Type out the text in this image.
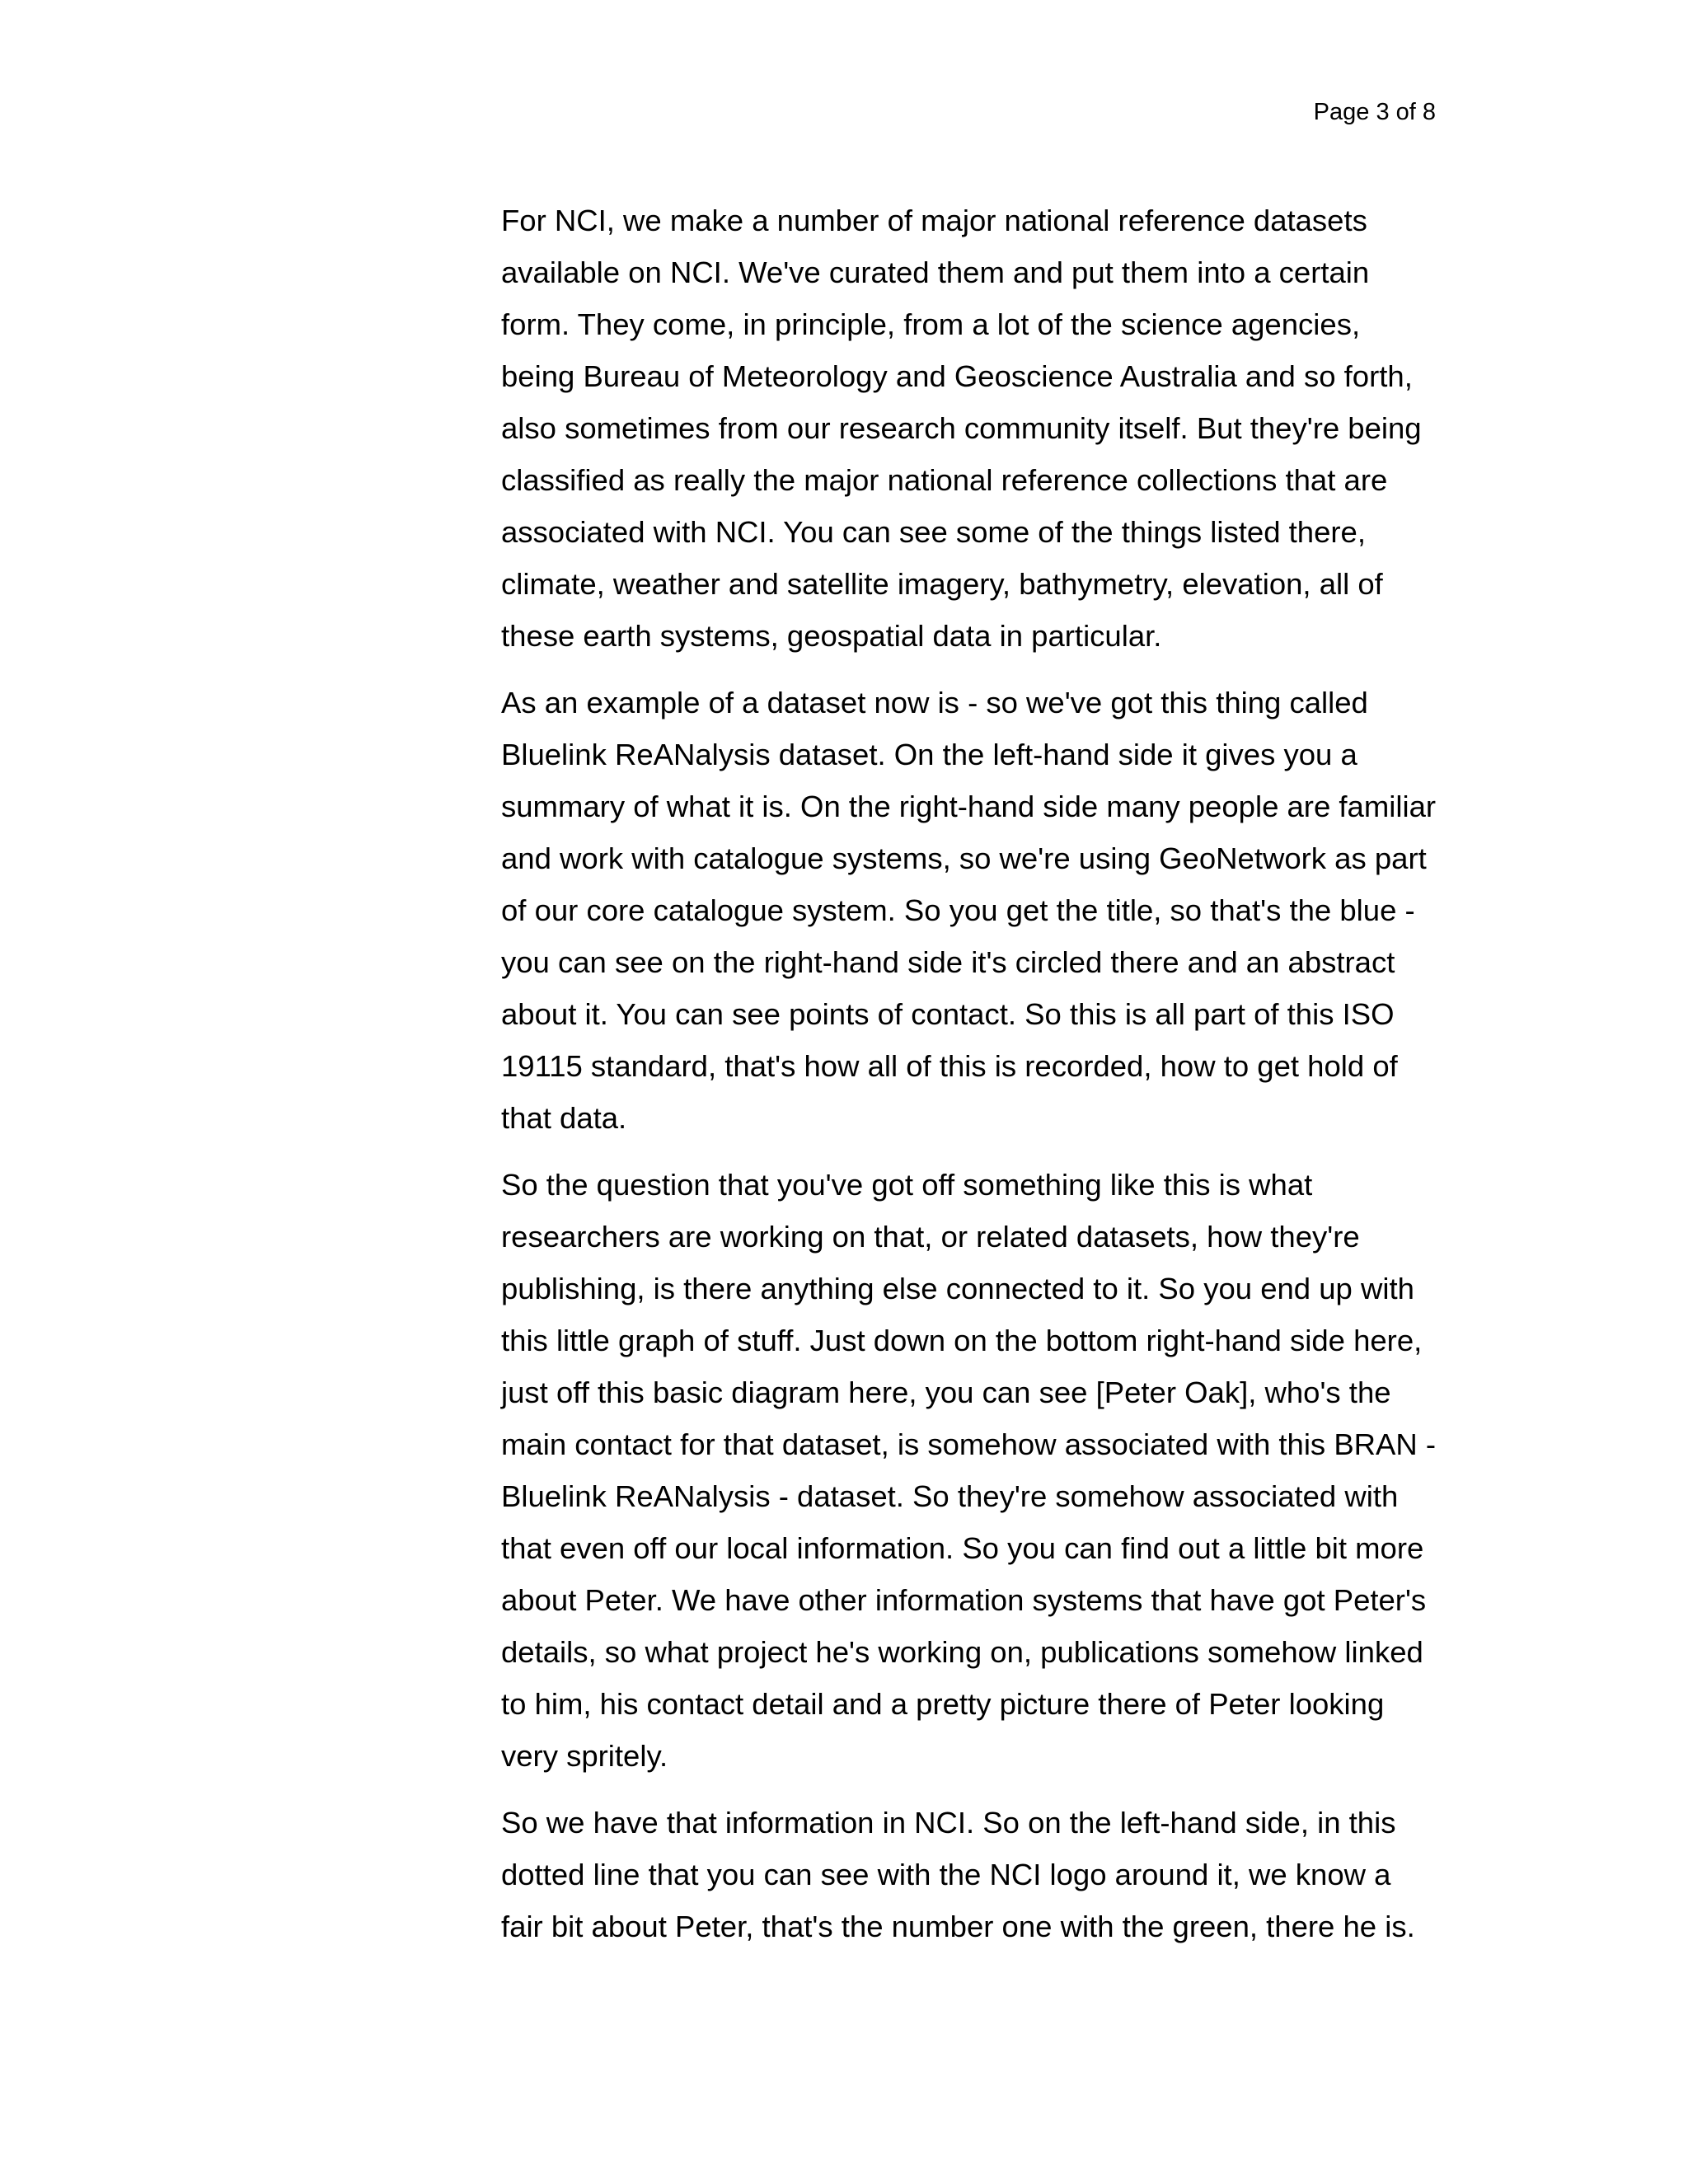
Page 3 of 8

For NCI, we make a number of major national reference datasets available on NCI. We've curated them and put them into a certain form. They come, in principle, from a lot of the science agencies, being Bureau of Meteorology and Geoscience Australia and so forth, also sometimes from our research community itself. But they're being classified as really the major national reference collections that are associated with NCI. You can see some of the things listed there, climate, weather and satellite imagery, bathymetry, elevation, all of these earth systems, geospatial data in particular.

As an example of a dataset now is - so we've got this thing called Bluelink ReANalysis dataset. On the left-hand side it gives you a summary of what it is. On the right-hand side many people are familiar and work with catalogue systems, so we're using GeoNetwork as part of our core catalogue system. So you get the title, so that's the blue - you can see on the right-hand side it's circled there and an abstract about it. You can see points of contact. So this is all part of this ISO 19115 standard, that's how all of this is recorded, how to get hold of that data.

So the question that you've got off something like this is what researchers are working on that, or related datasets, how they're publishing, is there anything else connected to it. So you end up with this little graph of stuff. Just down on the bottom right-hand side here, just off this basic diagram here, you can see [Peter Oak], who's the main contact for that dataset, is somehow associated with this BRAN - Bluelink ReANalysis - dataset. So they're somehow associated with that even off our local information. So you can find out a little bit more about Peter. We have other information systems that have got Peter's details, so what project he's working on, publications somehow linked to him, his contact detail and a pretty picture there of Peter looking very spritely.

So we have that information in NCI. So on the left-hand side, in this dotted line that you can see with the NCI logo around it, we know a fair bit about Peter, that's the number one with the green, there he is.
